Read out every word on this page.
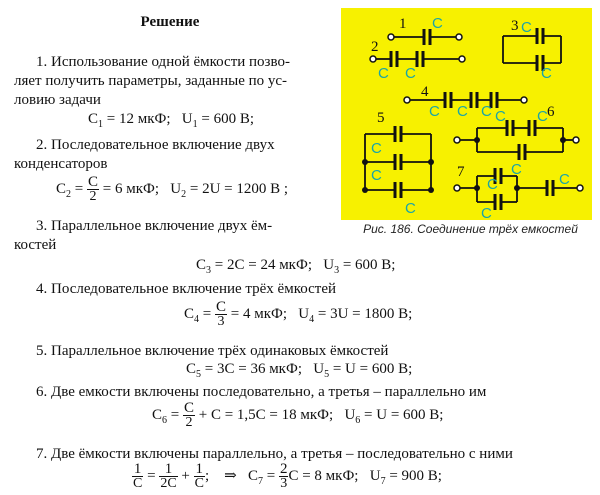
Решение
1. Использование одной ёмкости позво-
ляет получить параметры, заданные по ус-
ловию задачи
$C_1 = 12$ мкФ;   $U_1 = 600$ В;
2. Последовательное включение двух
конденсаторов
$C_2 = \frac{C}{2} = 6$ мкФ;   $U_2 = 2U = 1200$ В ;
3. Параллельное включение двух ём-
костей
$C_3 = 2C = 24$ мкФ;   $U_3 = 600$ В;
4. Последовательное включение трёх ёмкостей
$C_4 = \frac{C}{3} = 4$ мкФ;   $U_4 = 3U = 1800$ В;
5. Параллельное включение трёх одинаковых ёмкостей
$C_5 = 3C = 36$ мкФ;   $U_5 = U = 600$ В;
6. Две емкости включены последовательно, а третья – параллельно им
$C_6 = \frac{C}{2} + C = 1,5C = 18$ мкФ;   $U_6 = U = 600$ В;
7. Две ёмкости включены параллельно, а третья – последовательно с ними
$\frac{1}{C} = \frac{1}{2C} + \frac{1}{C}$ ;    ⇒   $C_7 = \frac{2}{3}$ C = 8 мкФ;   $U_7 = 900$ В;
1 C
2
C C
3 C
C
4
C C C
5
C
C
C
6
C C
C
7
C
C
C
Рис. 186. Соединение трёх емкостей
